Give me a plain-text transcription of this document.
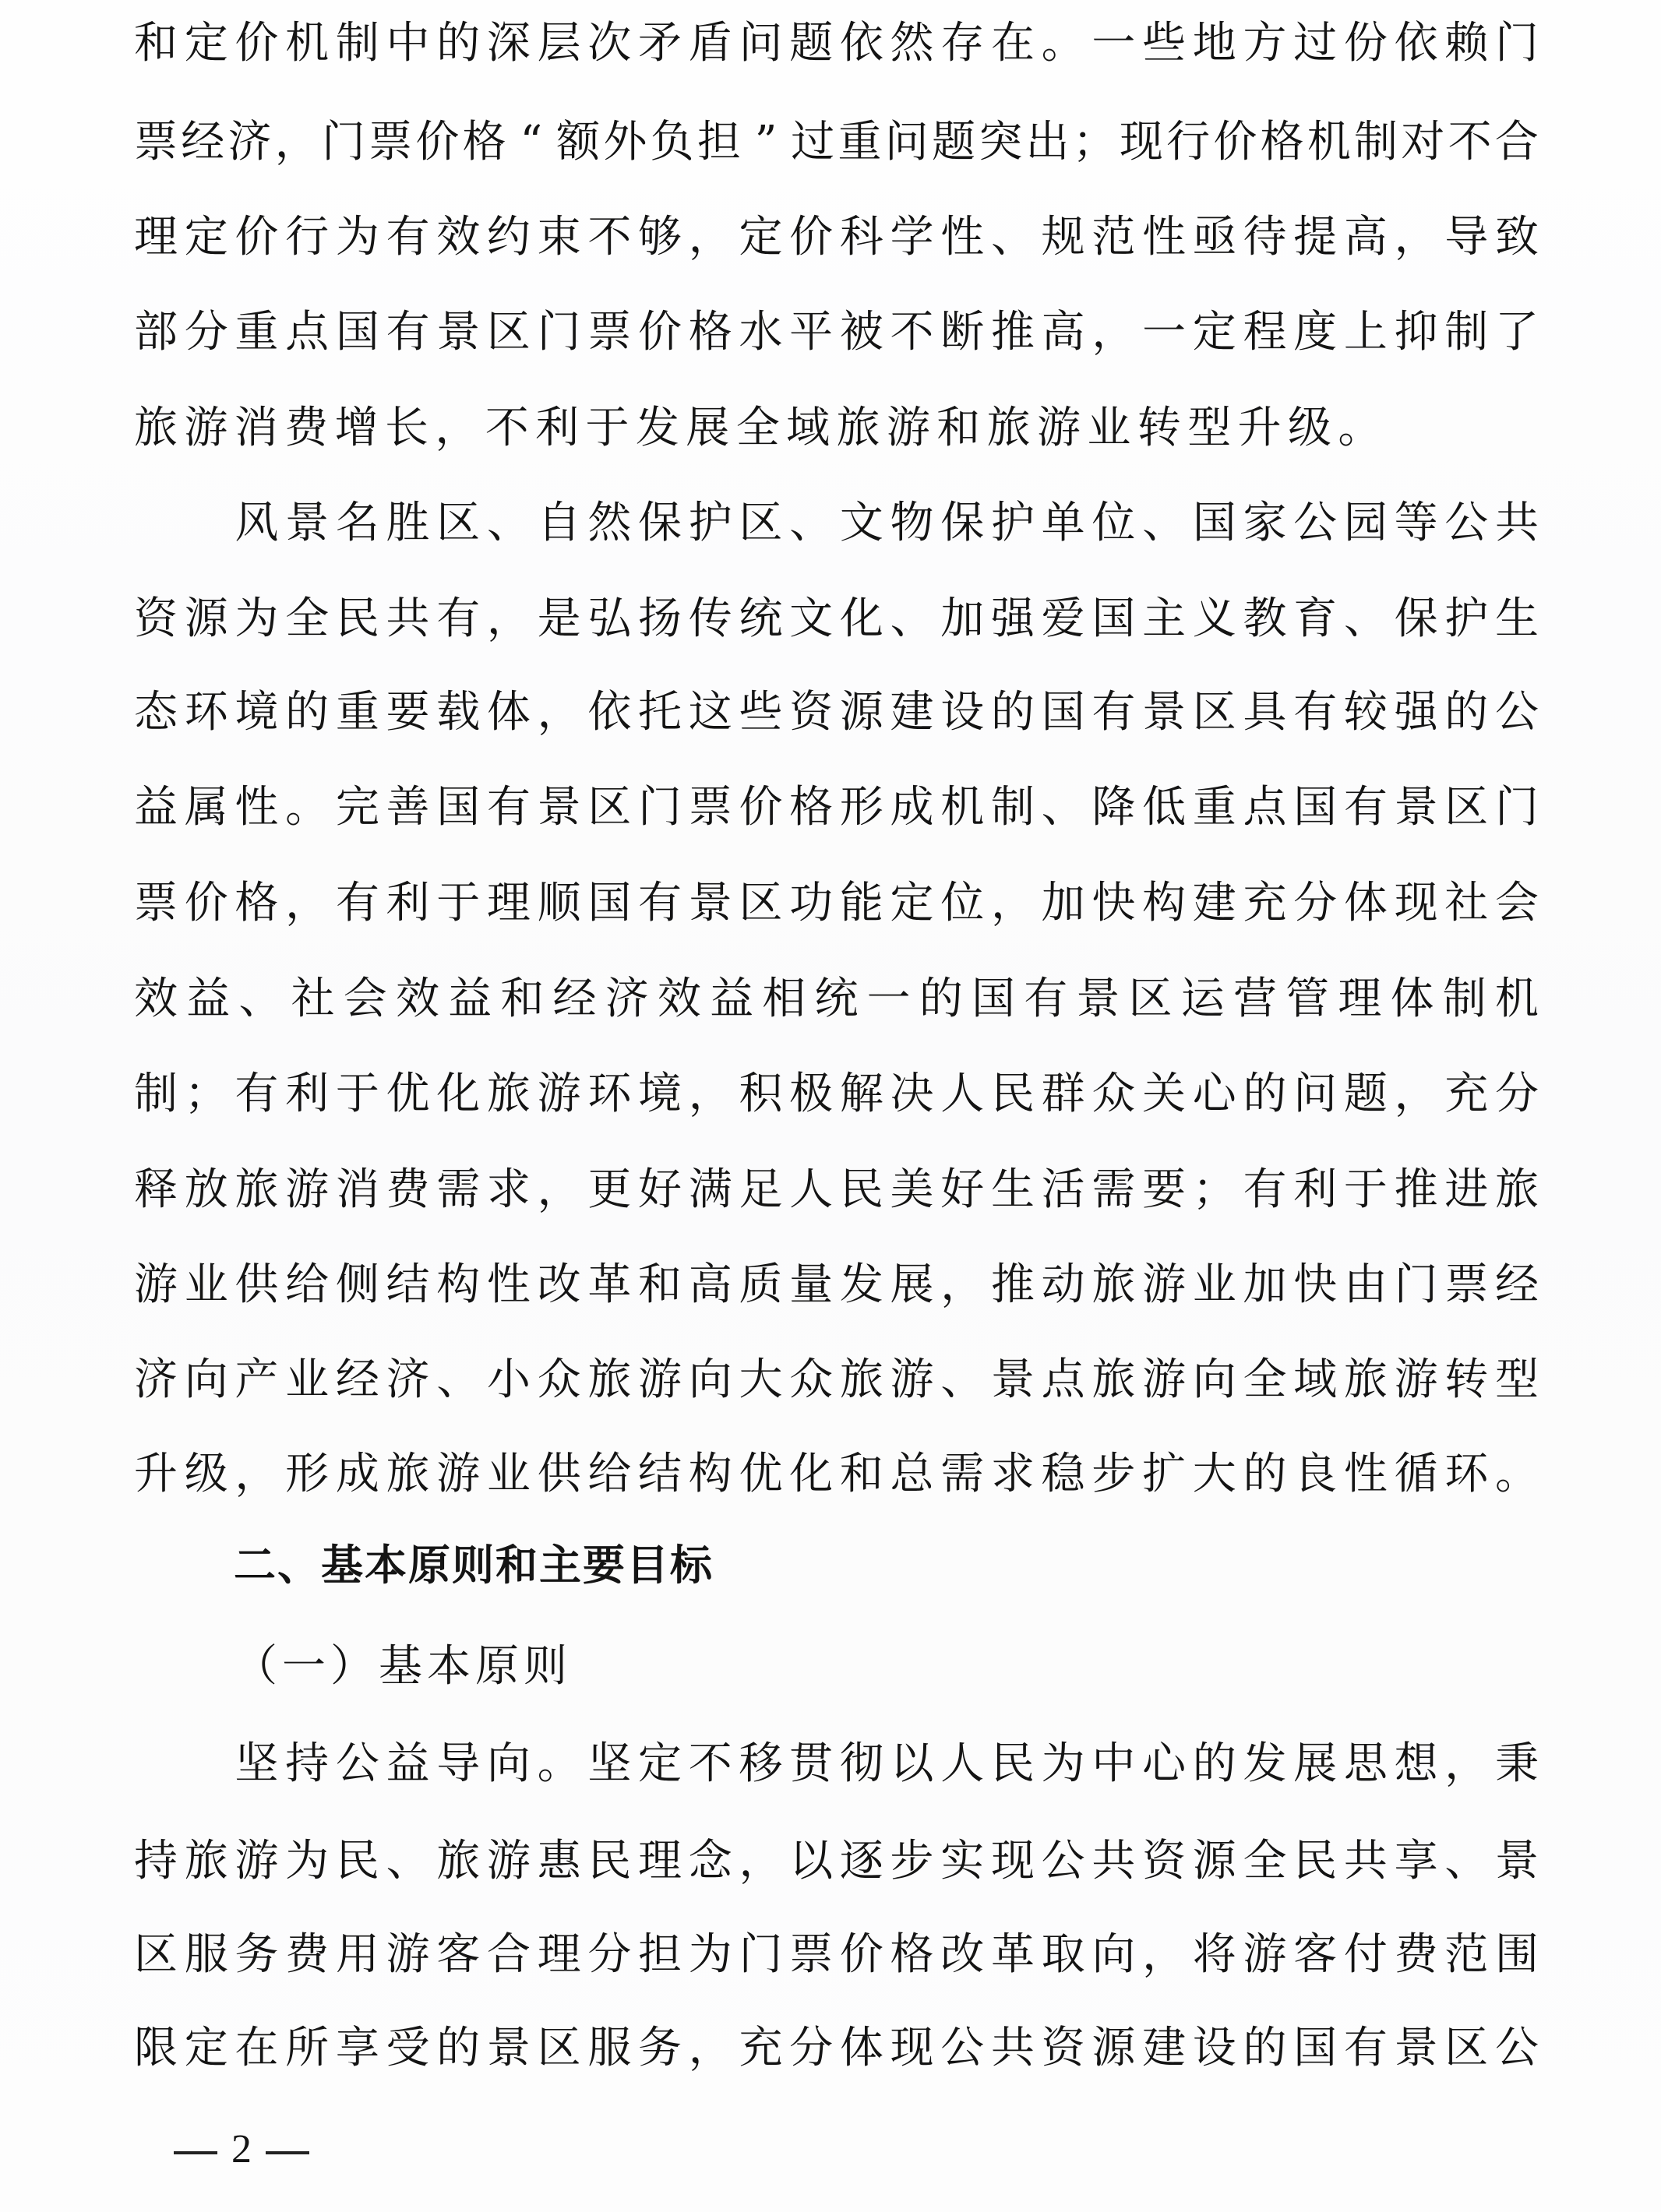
和 定 价 机 制 中 的 深 层 次 矛 盾 问 题 依 然 存 在 。 一 些 地 方 过 份 依 赖 门
票 经 济 ， 门 票 价 格 “ 额 外 负 担 ” 过 重 问 题 突 出 ； 现 行 价 格 机 制 对 不 合
理 定 价 行 为 有 效 约 束 不 够 ， 定 价 科 学 性 、 规 范 性 亟 待 提 高 ， 导 致
部 分 重 点 国 有 景 区 门 票 价 格 水 平 被 不 断 推 高 ， 一 定 程 度 上 抑 制 了
旅 游 消 费 增 长 ， 不 利 于 发 展 全 域 旅 游 和 旅 游 业 转 型 升 级 。
风 景 名 胜 区 、 自 然 保 护 区 、 文 物 保 护 单 位 、 国 家 公 园 等 公 共
资 源 为 全 民 共 有 ， 是 弘 扬 传 统 文 化 、 加 强 爱 国 主 义 教 育 、 保 护 生
态 环 境 的 重 要 载 体 ， 依 托 这 些 资 源 建 设 的 国 有 景 区 具 有 较 强 的 公
益 属 性 。 完 善 国 有 景 区 门 票 价 格 形 成 机 制 、 降 低 重 点 国 有 景 区 门
票 价 格 ， 有 利 于 理 顺 国 有 景 区 功 能 定 位 ， 加 快 构 建 充 分 体 现 社 会
效 益 、 社 会 效 益 和 经 济 效 益 相 统 一 的 国 有 景 区 运 营 管 理 体 制 机
制 ； 有 利 于 优 化 旅 游 环 境 ， 积 极 解 决 人 民 群 众 关 心 的 问 题 ， 充 分
释 放 旅 游 消 费 需 求 ， 更 好 满 足 人 民 美 好 生 活 需 要 ； 有 利 于 推 进 旅
游 业 供 给 侧 结 构 性 改 革 和 高 质 量 发 展 ， 推 动 旅 游 业 加 快 由 门 票 经
济 向 产 业 经 济 、 小 众 旅 游 向 大 众 旅 游 、 景 点 旅 游 向 全 域 旅 游 转 型
升 级 ， 形 成 旅 游 业 供 给 结 构 优 化 和 总 需 求 稳 步 扩 大 的 良 性 循 环 。
二、基本原则和主要目标
（一）基本原则
坚 持 公 益 导 向 。 坚 定 不 移 贯 彻 以 人 民 为 中 心 的 发 展 思 想 ， 秉
持 旅 游 为 民 、 旅 游 惠 民 理 念 ， 以 逐 步 实 现 公 共 资 源 全 民 共 享 、 景
区 服 务 费 用 游 客 合 理 分 担 为 门 票 价 格 改 革 取 向 ， 将 游 客 付 费 范 围
限 定 在 所 享 受 的 景 区 服 务 ， 充 分 体 现 公 共 资 源 建 设 的 国 有 景 区 公
2
